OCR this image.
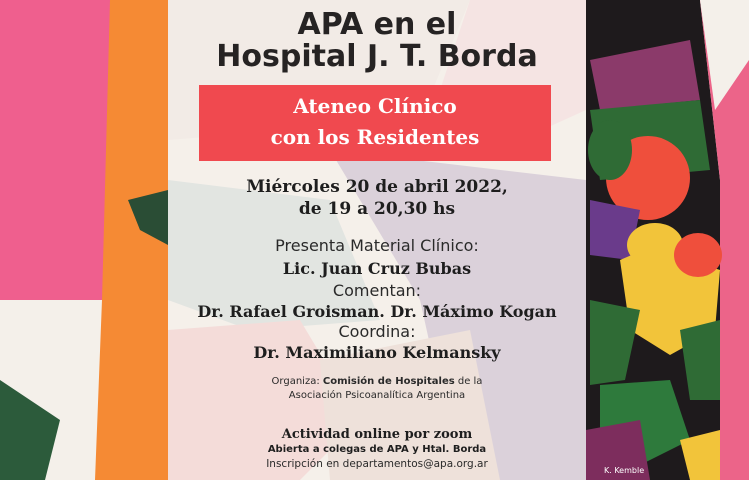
APA en el
Hospital J. T. Borda
Ateneo Clínico
con los Residentes
Miércoles 20 de abril 2022,
de 19 a 20,30 hs
Presenta Material Clínico:
Lic. Juan Cruz Bubas
Comentan:
Dr. Rafael Groisman. Dr. Máximo Kogan
Coordina:
Dr. Maximiliano Kelmansky
Organiza: Comisión de Hospitales de la
Asociación Psicoanalítica Argentina
Actividad online por zoom
Abierta a colegas de APA y Htal. Borda
Inscripción en departamentos@apa.org.ar
K. Kemble
